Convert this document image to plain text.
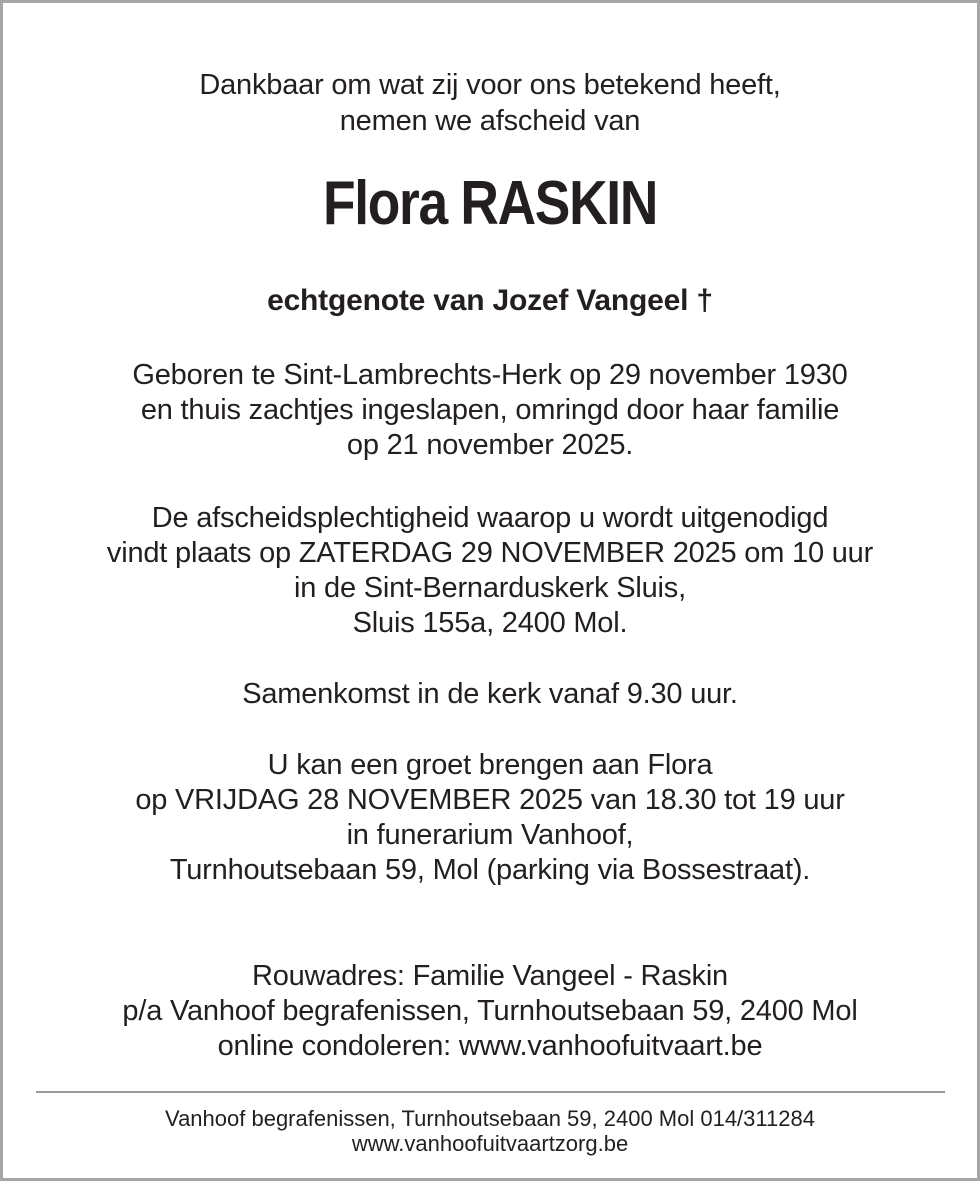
Dankbaar om wat zij voor ons betekend heeft,
nemen we afscheid van
Flora RASKIN
echtgenote van Jozef Vangeel †
Geboren te Sint-Lambrechts-Herk op 29 november 1930
en thuis zachtjes ingeslapen, omringd door haar familie
op 21 november 2025.
De afscheidsplechtigheid waarop u wordt uitgenodigd
vindt plaats op ZATERDAG 29 NOVEMBER 2025 om 10 uur
in de Sint-Bernarduskerk Sluis,
Sluis 155a, 2400 Mol.
Samenkomst in de kerk vanaf 9.30 uur.
U kan een groet brengen aan Flora
op VRIJDAG 28 NOVEMBER 2025 van 18.30 tot 19 uur
in funerarium Vanhoof,
Turnhoutsebaan 59, Mol (parking via Bossestraat).
Rouwadres: Familie Vangeel - Raskin
p/a Vanhoof begrafenissen, Turnhoutsebaan 59, 2400 Mol
online condoleren: www.vanhoofuitvaart.be
Vanhoof begrafenissen, Turnhoutsebaan 59, 2400 Mol 014/311284
www.vanhoofuitvaartzorg.be
